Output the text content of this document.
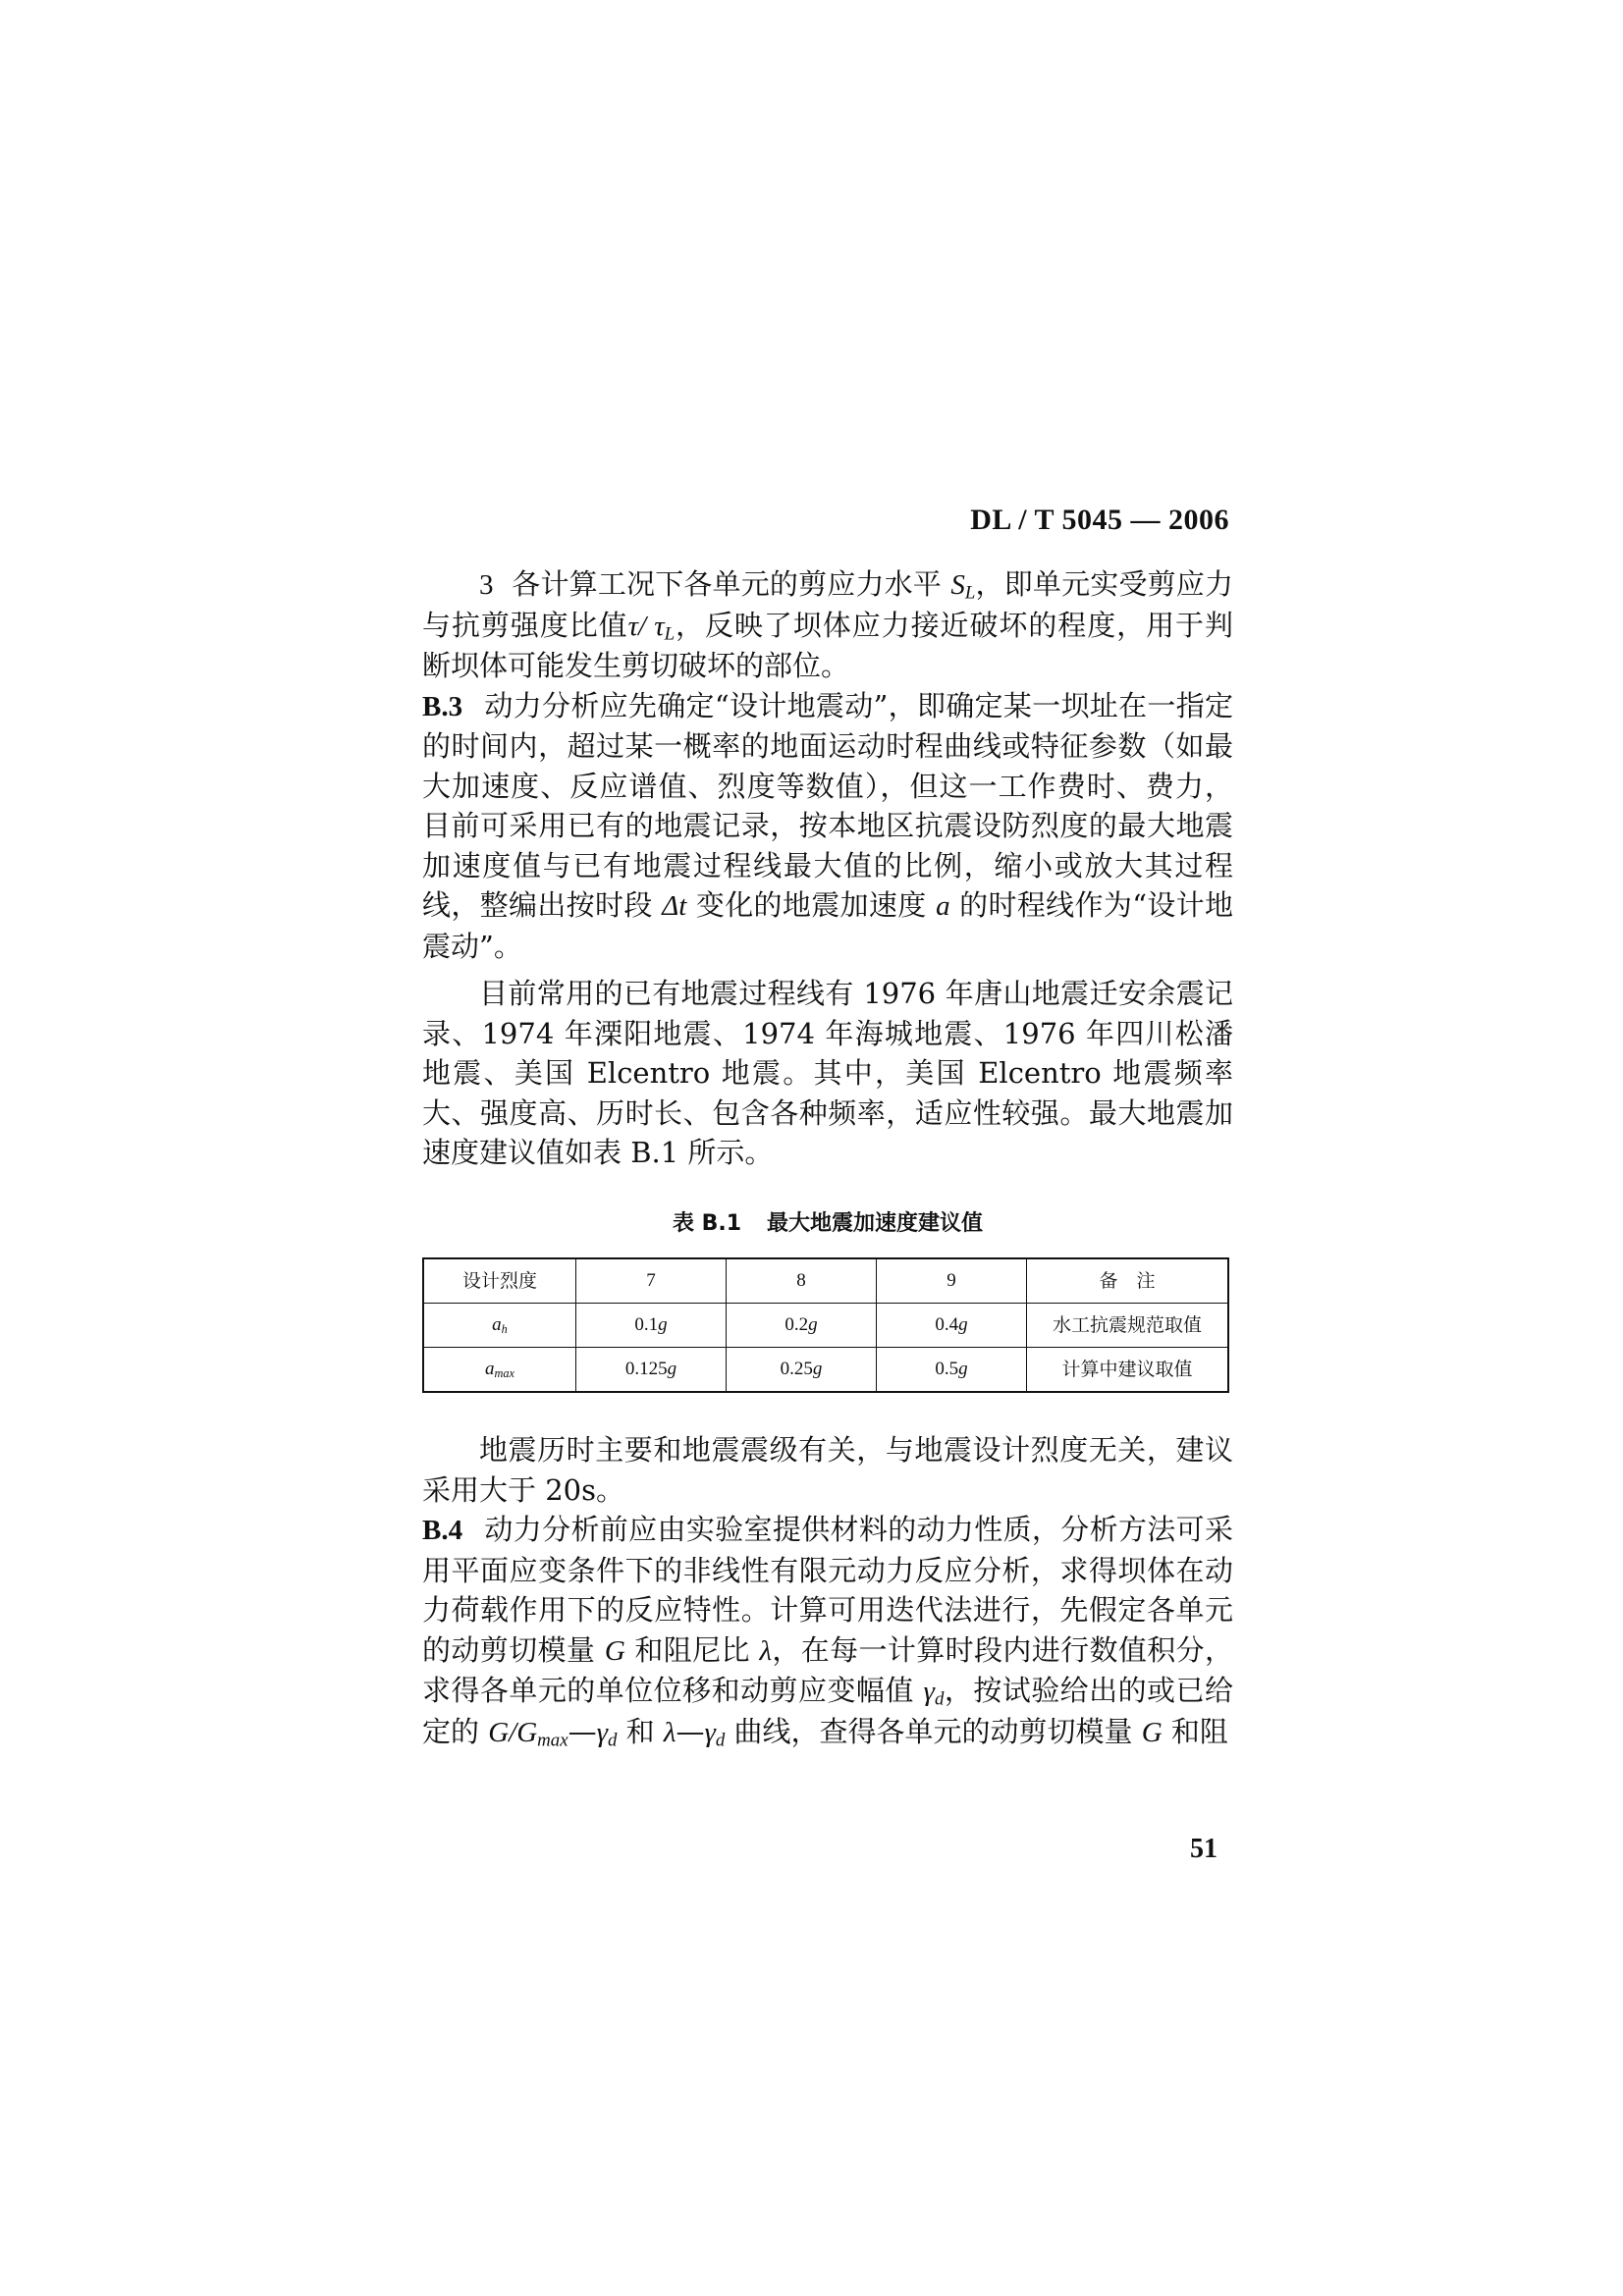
DL / T 5045 — 2006

3 各计算工况下各单元的剪应力水平 $S_L$，即单元实受剪应力与抗剪强度比值τ/ $\tau_L$，反映了坝体应力接近破坏的程度，用于判断坝体可能发生剪切破坏的部位。

B.3 动力分析应先确定“设计地震动”，即确定某一坝址在一指定的时间内，超过某一概率的地面运动时程曲线或特征参数（如最大加速度、反应谱值、烈度等数值），但这一工作费时、费力，目前可采用已有的地震记录，按本地区抗震设防烈度的最大地震加速度值与已有地震过程线最大值的比例，缩小或放大其过程线，整编出按时段 Δt 变化的地震加速度 a 的时程线作为“设计地震动”。

目前常用的已有地震过程线有 1976 年唐山地震迁安余震记录、1974 年溧阳地震、1974 年海城地震、1976 年四川松潘地震、美国 Elcentro 地震。其中，美国 Elcentro 地震频率大、强度高、历时长、包含各种频率，适应性较强。最大地震加速度建议值如表 B.1 所示。

表 B.1 最大地震加速度建议值
设计烈度	7	8	9	备　注
$a_h$	0.1g	0.2g	0.4g	水工抗震规范取值
$a_{max}$	0.125g	0.25g	0.5g	计算中建议取值

地震历时主要和地震震级有关，与地震设计烈度无关，建议采用大于 20s。

B.4 动力分析前应由实验室提供材料的动力性质，分析方法可采用平面应变条件下的非线性有限元动力反应分析，求得坝体在动力荷载作用下的反应特性。计算可用迭代法进行，先假定各单元的动剪切模量 G 和阻尼比 λ，在每一计算时段内进行数值积分，求得各单元的单位位移和动剪应变幅值 $\gamma_d$，按试验给出的或已给定的 $G/G_{max}—\gamma_d$ 和 $\lambda—\gamma_d$ 曲线，查得各单元的动剪切模量 G 和阻

51
